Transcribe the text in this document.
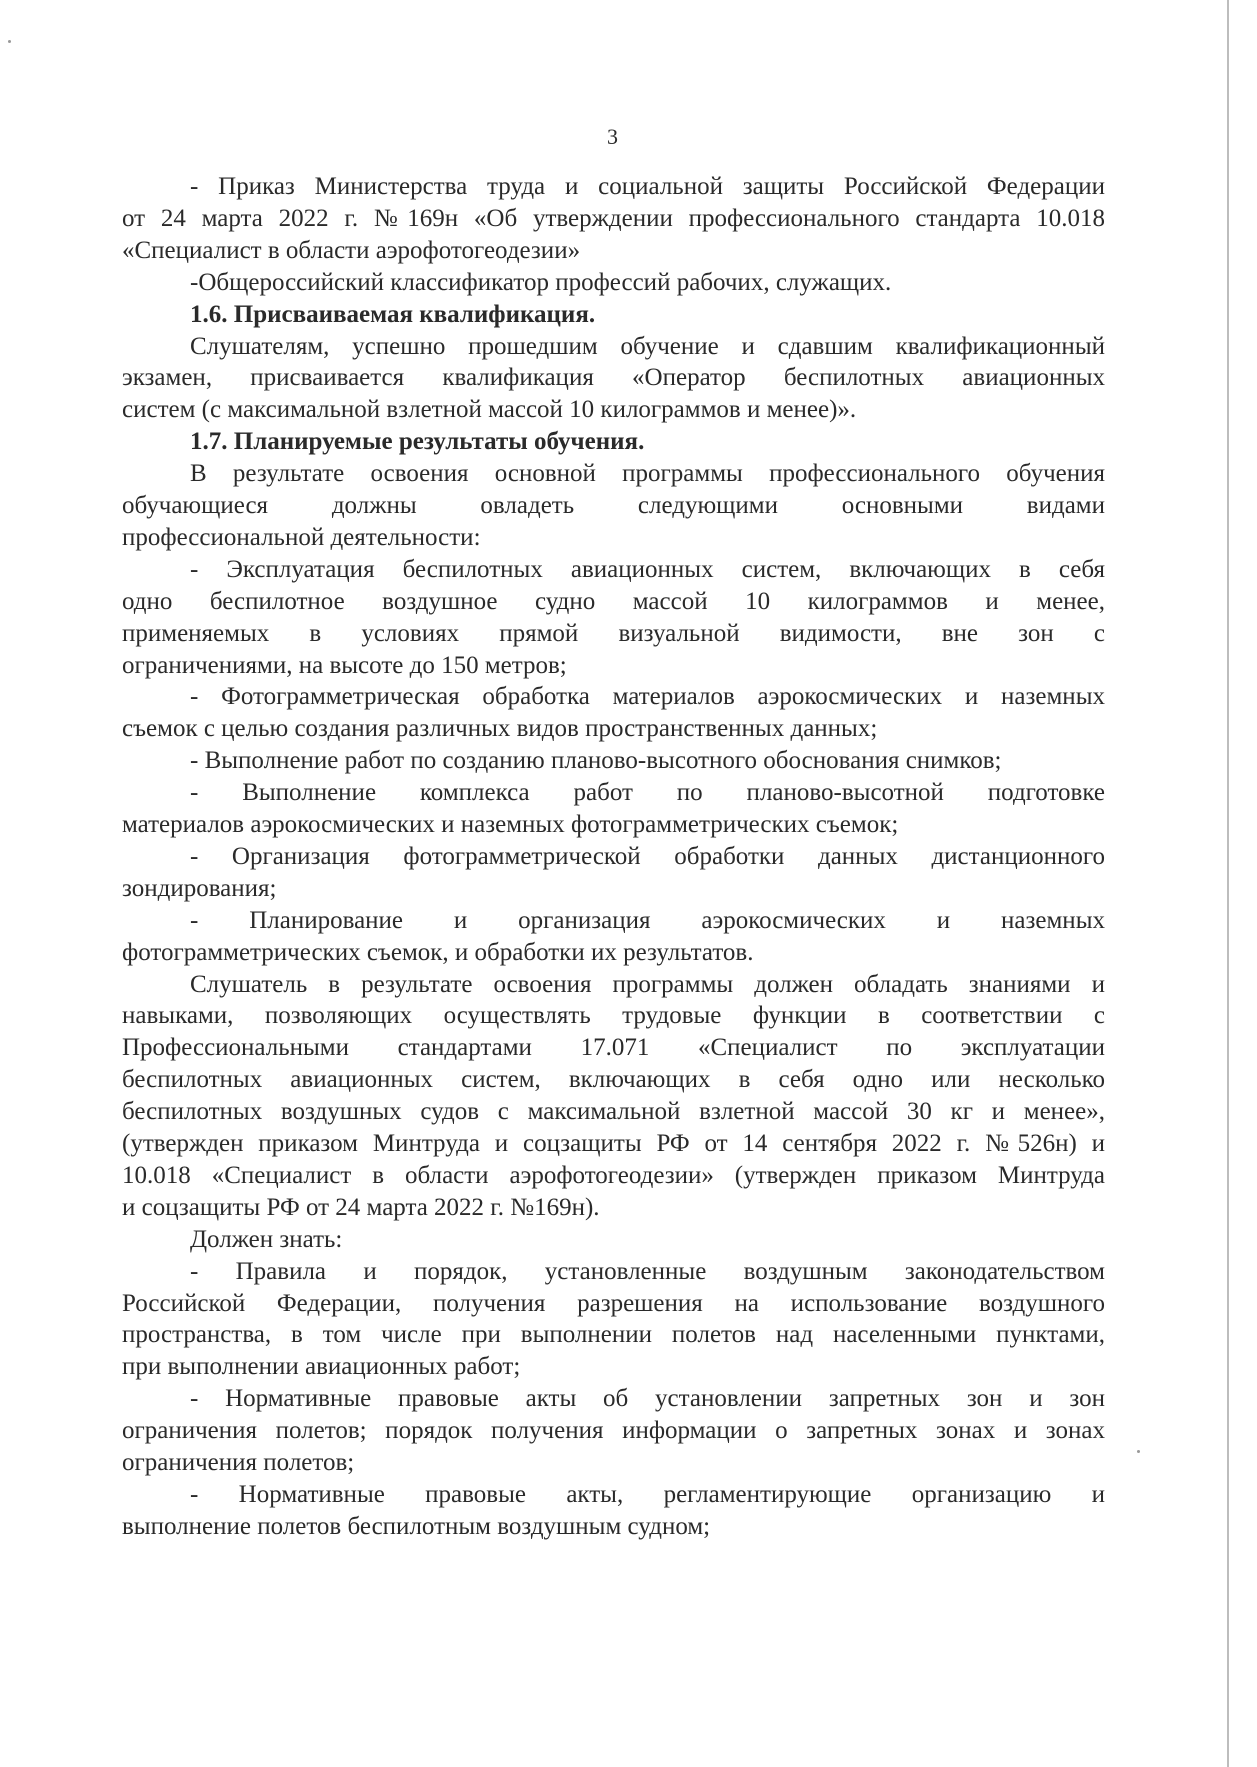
3
- Приказ Министерства труда и социальной защиты Российской Федерации
от 24 марта 2022 г. №169н «Об утверждении профессионального стандарта 10.018
«Специалист в области аэрофотогеодезии»
-Общероссийский классификатор профессий рабочих, служащих.
1.6. Присваиваемая квалификация.
Слушателям, успешно прошедшим обучение и сдавшим квалификационный
экзамен, присваивается квалификация «Оператор беспилотных авиационных
систем (с максимальной взлетной массой 10 килограммов и менее)».
1.7. Планируемые результаты обучения.
В результате освоения основной программы профессионального обучения
обучающиеся должны овладеть следующими основными видами
профессиональной деятельности:
- Эксплуатация беспилотных авиационных систем, включающих в себя
одно беспилотное воздушное судно массой 10 килограммов и менее,
применяемых в условиях прямой визуальной видимости, вне зон с
ограничениями, на высоте до 150 метров;
- Фотограмметрическая обработка материалов аэрокосмических и наземных
съемок с целью создания различных видов пространственных данных;
- Выполнение работ по созданию планово-высотного обоснования снимков;
- Выполнение комплекса работ по планово-высотной подготовке
материалов аэрокосмических и наземных фотограмметрических съемок;
- Организация фотограмметрической обработки данных дистанционного
зондирования;
- Планирование и организация аэрокосмических и наземных
фотограмметрических съемок, и обработки их результатов.
Слушатель в результате освоения программы должен обладать знаниями и
навыками, позволяющих осуществлять трудовые функции в соответствии с
Профессиональными стандартами 17.071 «Специалист по эксплуатации
беспилотных авиационных систем, включающих в себя одно или несколько
беспилотных воздушных судов с максимальной взлетной массой 30 кг и менее»,
(утвержден приказом Минтруда и соцзащиты РФ от 14 сентября 2022 г. №526н) и
10.018 «Специалист в области аэрофотогеодезии» (утвержден приказом Минтруда
и соцзащиты РФ от 24 марта 2022 г. №169н).
Должен знать:
- Правила и порядок, установленные воздушным законодательством
Российской Федерации, получения разрешения на использование воздушного
пространства, в том числе при выполнении полетов над населенными пунктами,
при выполнении авиационных работ;
- Нормативные правовые акты об установлении запретных зон и зон
ограничения полетов; порядок получения информации о запретных зонах и зонах
ограничения полетов;
- Нормативные правовые акты, регламентирующие организацию и
выполнение полетов беспилотным воздушным судном;
